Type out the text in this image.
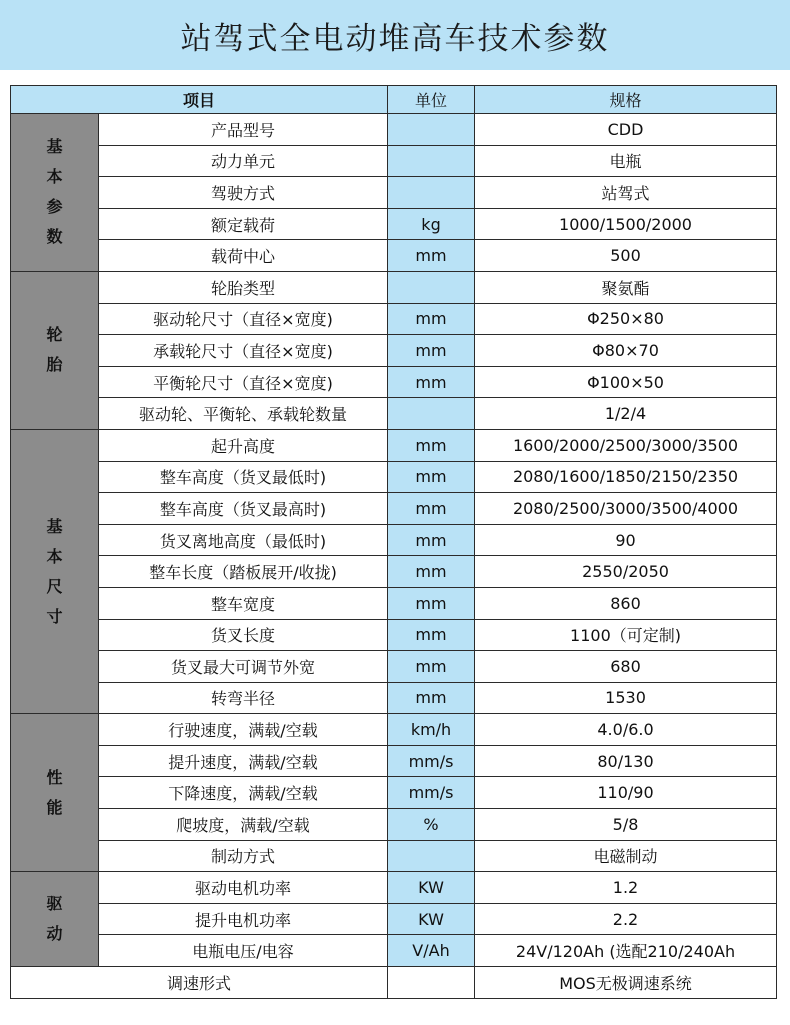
站驾式全电动堆高车技术参数
项目		单位	规格

基
本
参
数	产品型号		CDD
	动力单元		电瓶
	驾驶方式		站驾式
	额定载荷	kg	1000/1500/2000
	载荷中心	mm	500

轮
胎	轮胎类型		聚氨酯
	驱动轮尺寸（直径×宽度)	mm	Φ250×80
	承载轮尺寸（直径×宽度)	mm	Φ80×70
	平衡轮尺寸（直径×宽度)	mm	Φ100×50
	驱动轮、平衡轮、承载轮数量		1/2/4

基
本
尺
寸	起升高度	mm	1600/2000/2500/3000/3500
	整车高度（货叉最低时)	mm	2080/1600/1850/2150/2350
	整车高度（货叉最高时)	mm	2080/2500/3000/3500/4000
	货叉离地高度（最低时)	mm	90
	整车长度（踏板展开/收拢)	mm	2550/2050
	整车宽度	mm	860
	货叉长度	mm	1100（可定制)
	货叉最大可调节外宽	mm	680
	转弯半径	mm	1530

性
能	行驶速度，满载/空载	km/h	4.0/6.0
	提升速度，满载/空载	mm/s	80/130
	下降速度，满载/空载	mm/s	110/90
	爬坡度，满载/空载	%	5/8
	制动方式		电磁制动

驱
动	驱动电机功率	KW	1.2
	提升电机功率	KW	2.2
	电瓶电压/电容	V/Ah	24V/120Ah (选配210/240Ah
调速形式			MOS无极调速系统
